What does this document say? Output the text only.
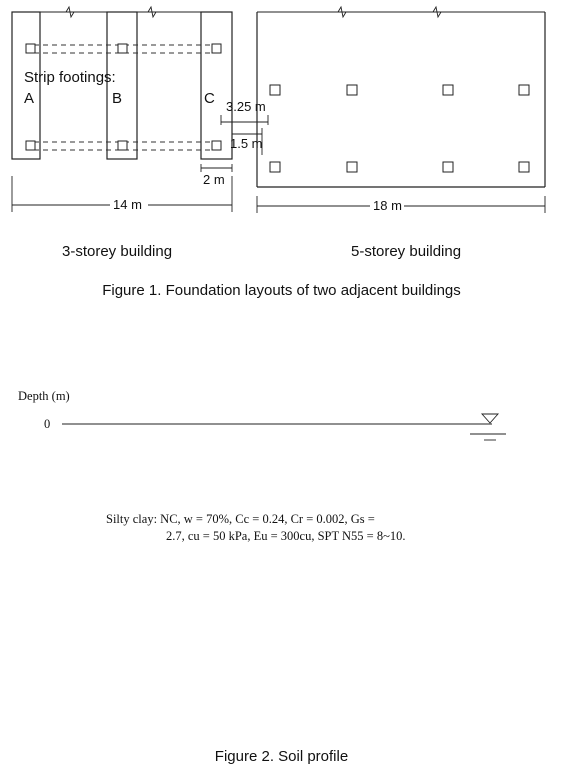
Strip footings:
A	B	C 3.25 m
1.5 m
2 m
14 m	18 m
3-storey building	5-storey building
Figure 1. Foundation layouts of two adjacent buildings
Depth (m)
0
Silty clay: NC, w = 70%, Cc = 0.24, Cr = 0.002, Gs =
2.7, cu = 50 kPa, Eu = 300cu, SPT N55 = 8~10.
Figure 2. Soil profile
